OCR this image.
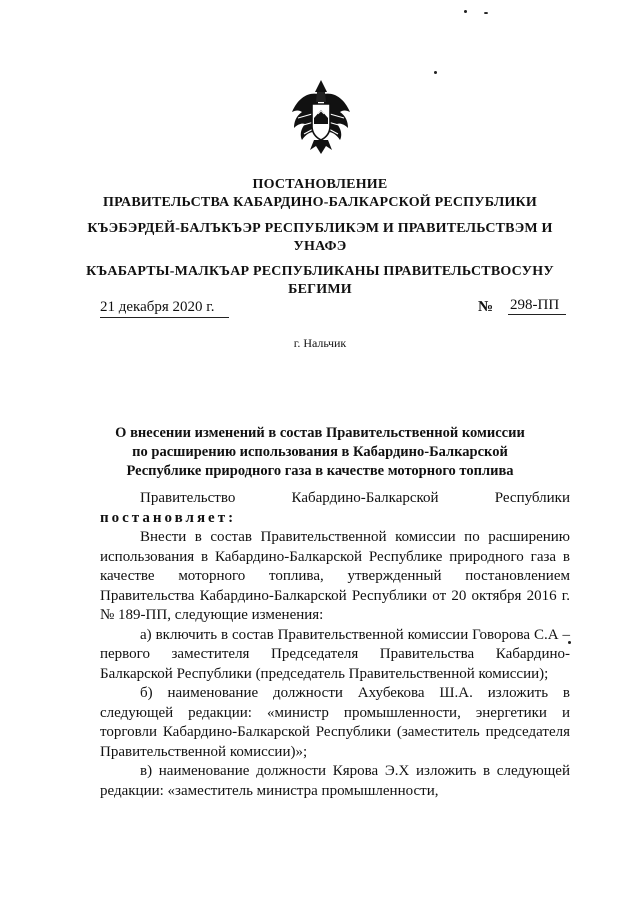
ПОСТАНОВЛЕНИЕ
ПРАВИТЕЛЬСТВА КАБАРДИНО-БАЛКАРСКОЙ РЕСПУБЛИКИ
КЪЭБЭРДЕЙ-БАЛЪКЪЭР РЕСПУБЛИКЭМ И ПРАВИТЕЛЬСТВЭМ И УНАФЭ
КЪАБАРТЫ-МАЛКЪАР РЕСПУБЛИКАНЫ ПРАВИТЕЛЬСТВОСУНУ БЕГИМИ
21 декабря 2020 г.	№ 298-ПП
г. Нальчик
О внесении изменений в состав Правительственной комиссии по расширению использования в Кабардино-Балкарской Республике природного газа в качестве моторного топлива

Правительство Кабардино-Балкарской Республики постановляет:

Внести в состав Правительственной комиссии по расширению использования в Кабардино-Балкарской Республике природного газа в качестве моторного топлива, утвержденный постановлением Правительства Кабардино-Балкарской Республики от 20 октября 2016 г. № 189-ПП, следующие изменения:

а) включить в состав Правительственной комиссии Говорова С.А – первого заместителя Председателя Правительства Кабардино-Балкарской Республики (председатель Правительственной комиссии);

б) наименование должности Ахубекова Ш.А. изложить в следующей редакции: «министр промышленности, энергетики и торговли Кабардино-Балкарской Республики (заместитель председателя Правительственной комиссии)»;

в) наименование должности Кярова Э.Х изложить в следующей редакции: «заместитель министра промышленности,
